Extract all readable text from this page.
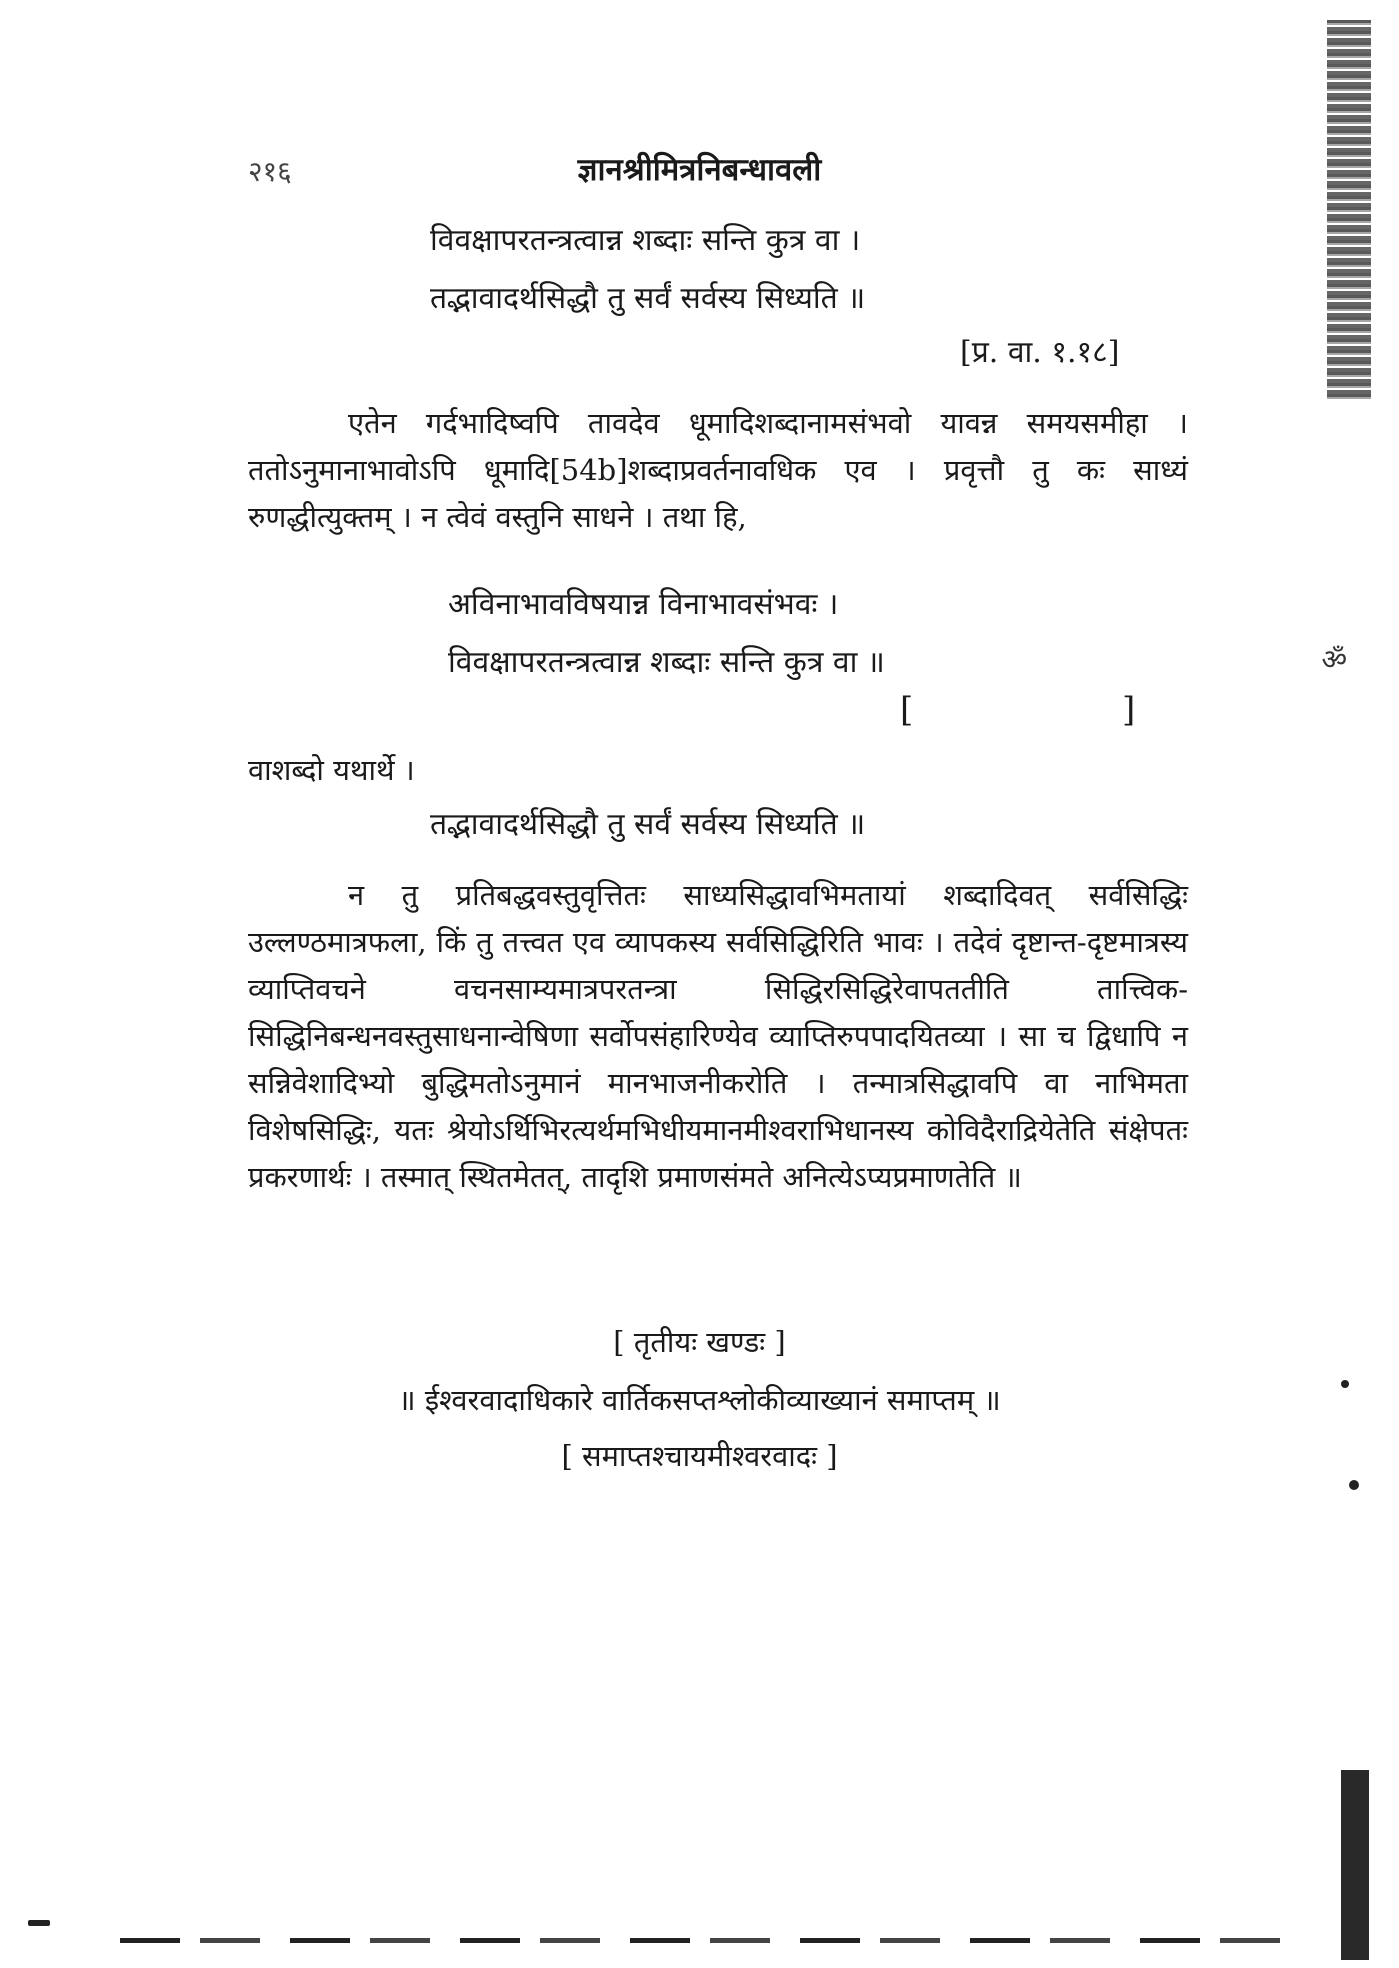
२१६	ज्ञानश्रीमित्रनिबन्धावली
विवक्षापरतन्त्रत्वान्न शब्दाः सन्ति कुत्र वा ।
तद्भावादर्थसिद्धौ तु सर्वं सर्वस्य सिध्यति ॥
[प्र. वा. १.१८]

एतेन गर्दभादिष्वपि तावदेव धूमादिशब्दानामसंभवो यावन्न समयसमीहा । ततोऽनुमानाभावोऽपि धूमादि[54b]शब्दाप्रवर्तनावधिक एव । प्रवृत्तौ तु कः साध्यं रुणद्धीत्युक्तम् । न त्वेवं वस्तुनि साधने । तथा हि,

अविनाभावविषयान्न विनाभावसंभवः ।
विवक्षापरतन्त्रत्वान्न शब्दाः सन्ति कुत्र वा ॥
[	]
वाशब्दो यथार्थे ।
तद्भावादर्थसिद्धौ तु सर्वं सर्वस्य सिध्यति ॥

न तु प्रतिबद्धवस्तुवृत्तितः साध्यसिद्धावभिमतायां शब्दादिवत् सर्वसिद्धिः उल्लण्ठमात्रफला, किं तु तत्त्वत एव व्यापकस्य सर्वसिद्धिरिति भावः । तदेवं दृष्टान्त-दृष्टमात्रस्य व्याप्तिवचने वचनसाम्यमात्रपरतन्त्रा सिद्धिरसिद्धिरेवापततीति तात्त्विक-सिद्धिनिबन्धनवस्तुसाधनान्वेषिणा सर्वोपसंहारिण्येव व्याप्तिरुपपादयितव्या । सा च द्विधापि न सन्निवेशादिभ्यो बुद्धिमतोऽनुमानं मानभाजनीकरोति । तन्मात्रसिद्धावपि वा नाभिमता विशेषसिद्धिः, यतः श्रेयोऽर्थिभिरत्यर्थमभिधीयमानमीश्वराभिधानस्य कोविदैराद्रियेतेति संक्षेपतः प्रकरणार्थः । तस्मात् स्थितमेतत्, तादृशि प्रमाणसंमते अनित्येऽप्यप्रमाणतेति ॥

[ तृतीयः खण्डः ]
॥ ईश्वरवादाधिकारे वार्तिकसप्तश्लोकीव्याख्यानं समाप्तम् ॥
[ समाप्तश्चायमीश्वरवादः ]
ॐ
